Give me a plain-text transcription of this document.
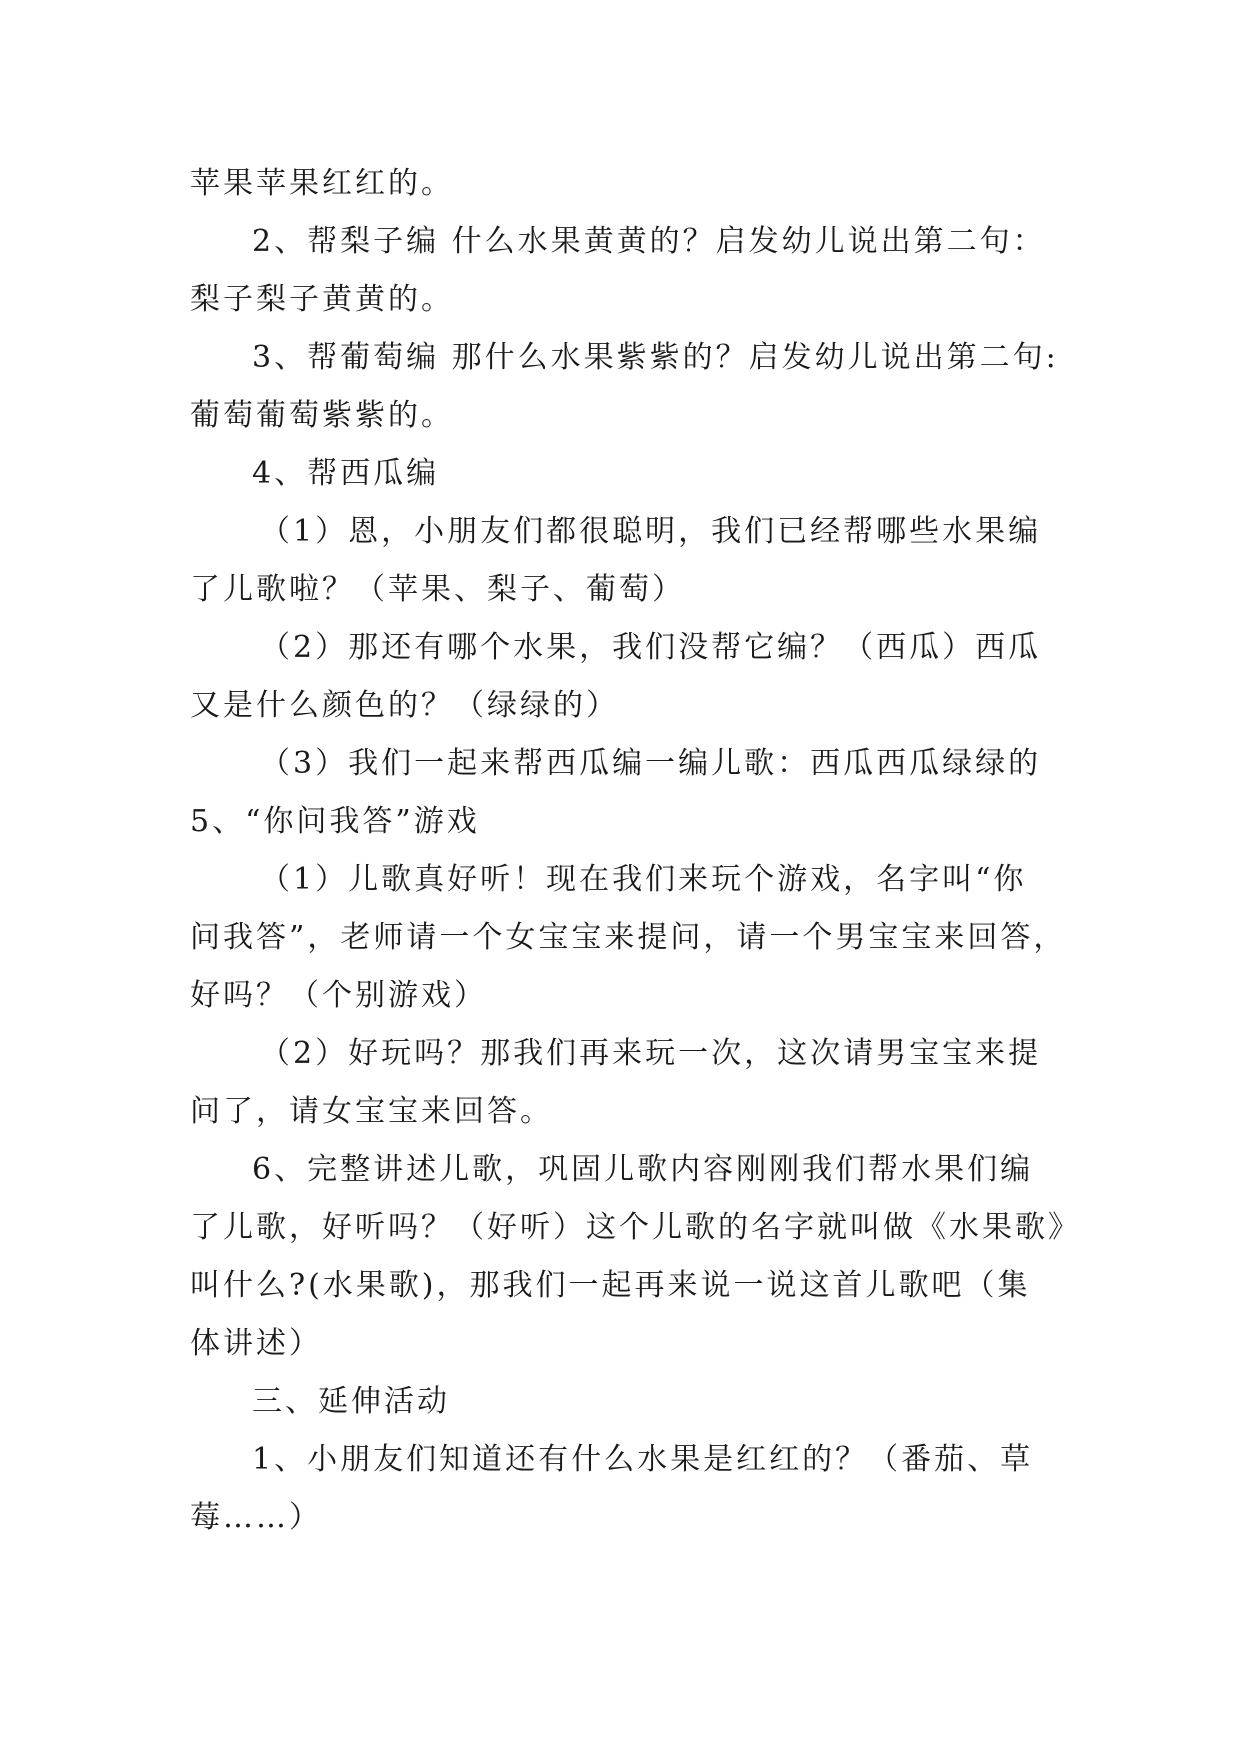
苹果苹果红红的。
2、帮梨子编 什么水果黄黄的？启发幼儿说出第二句：
梨子梨子黄黄的。
3、帮葡萄编 那什么水果紫紫的？启发幼儿说出第二句:
葡萄葡萄紫紫的。
4、帮西瓜编
（1）恩，小朋友们都很聪明，我们已经帮哪些水果编
了儿歌啦？（苹果、梨子、葡萄）
（2）那还有哪个水果，我们没帮它编？（西瓜）西瓜
又是什么颜色的？（绿绿的）
（3）我们一起来帮西瓜编一编儿歌：西瓜西瓜绿绿的
5、“你问我答”游戏
（1）儿歌真好听！现在我们来玩个游戏，名字叫“你
问我答”，老师请一个女宝宝来提问，请一个男宝宝来回答，
好吗？（个别游戏）
（2）好玩吗？那我们再来玩一次，这次请男宝宝来提
问了，请女宝宝来回答。
6、完整讲述儿歌，巩固儿歌内容刚刚我们帮水果们编
了儿歌，好听吗？（好听）这个儿歌的名字就叫做《水果歌》
叫什么?(水果歌)，那我们一起再来说一说这首儿歌吧（集
体讲述）
三、延伸活动
1、小朋友们知道还有什么水果是红红的？（番茄、草
莓……）
